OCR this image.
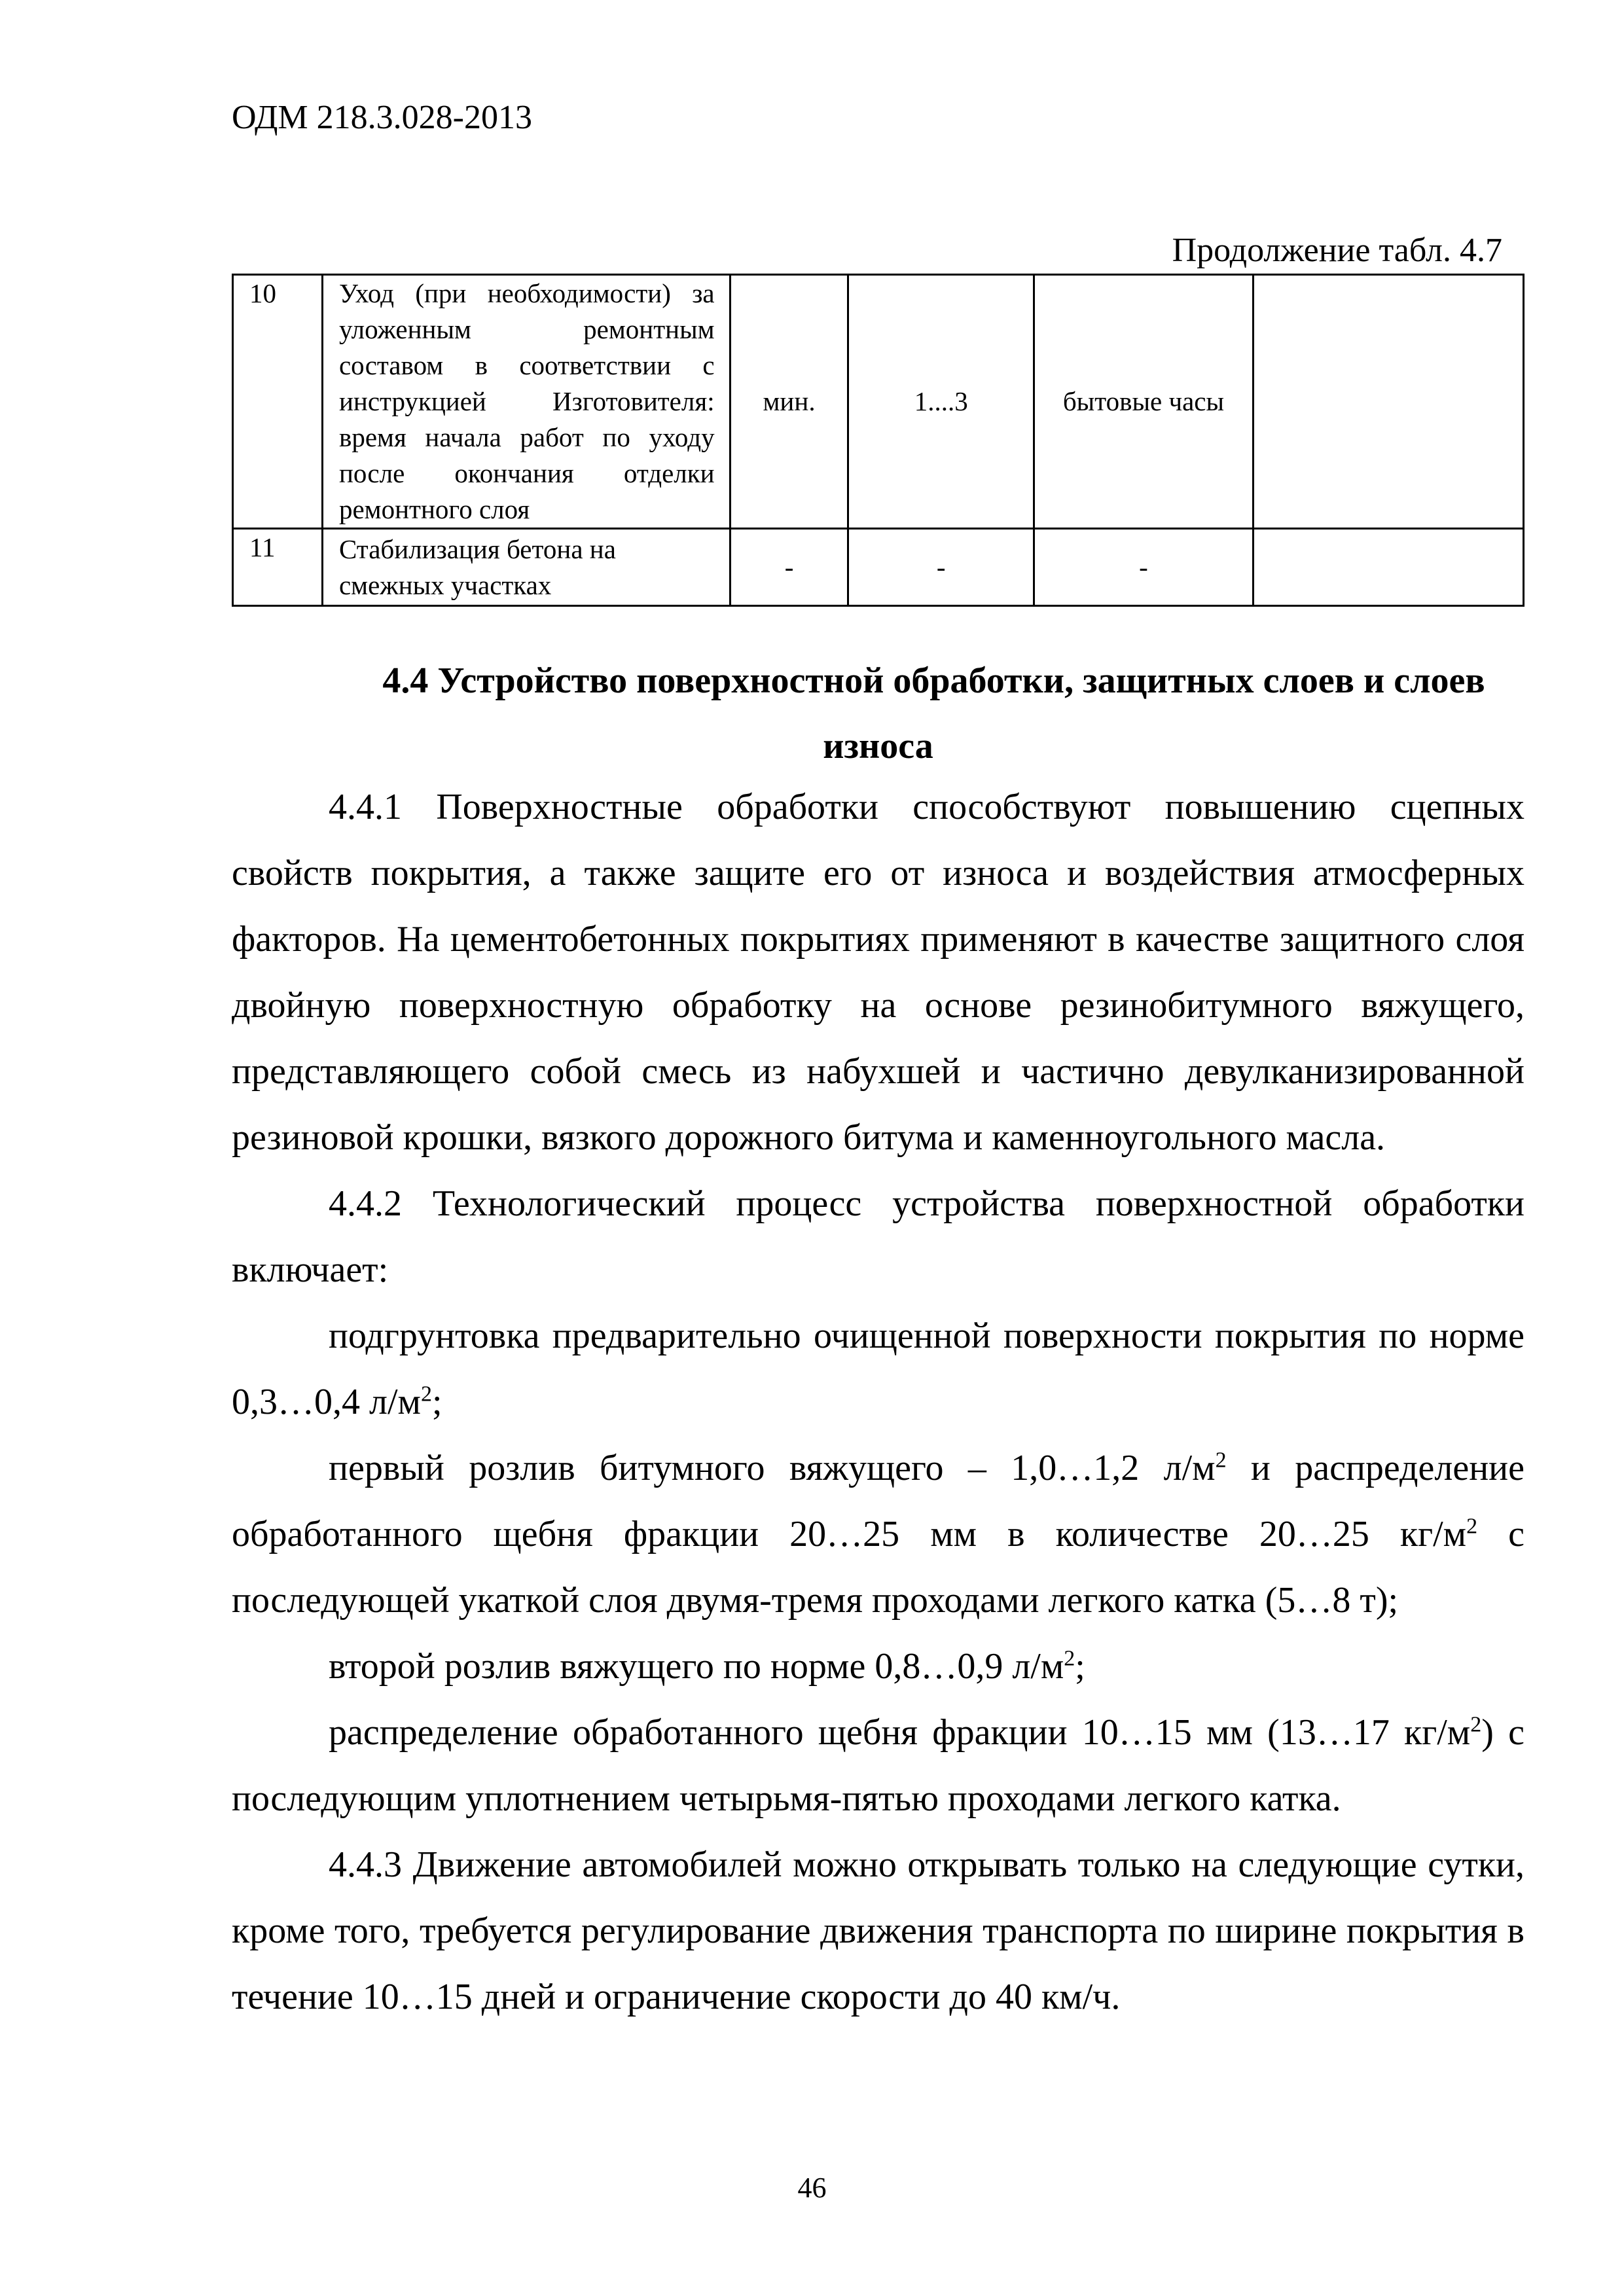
ОДМ 218.3.028-2013
Продолжение табл. 4.7
10	Уход (при необходимости) за уложенным ремонтным составом в соответствии с инструкцией Изготовителя: время начала работ по уходу после окончания отделки ремонтного слоя	мин.	1....3	бытовые часы	
11	Стабилизация бетона на смежных участках	-	-	-	
4.4 Устройство поверхностной обработки, защитных слоев и слоев
износа

4.4.1 Поверхностные обработки способствуют повышению сцепных свойств покрытия, а также защите его от износа и воздействия атмосферных факторов. На цементобетонных покрытиях применяют в качестве защитного слоя двойную поверхностную обработку на основе резинобитумного вяжущего, представляющего собой смесь из набухшей и частично девулканизированной резиновой крошки, вязкого дорожного битума и каменноугольного масла.

4.4.2 Технологический процесс устройства поверхностной обработки включает:

подгрунтовка предварительно очищенной поверхности покрытия по норме 0,3…0,4 $л/м^2$;

первый розлив битумного вяжущего – 1,0…1,2 $л/м^2$ и распределение обработанного щебня фракции 20…25 мм в количестве 20…25 $кг/м^2$ с последующей укаткой слоя двумя-тремя проходами легкого катка (5…8 т);

второй розлив вяжущего по норме 0,8…0,9 $л/м^2$;

распределение обработанного щебня фракции 10…15 мм (13…17 $кг/м^2$) с последующим уплотнением четырьмя-пятью проходами легкого катка.

4.4.3 Движение автомобилей можно открывать только на следующие сутки, кроме того, требуется регулирование движения транспорта по ширине покрытия в течение 10…15 дней и ограничение скорости до 40 км/ч.

46
